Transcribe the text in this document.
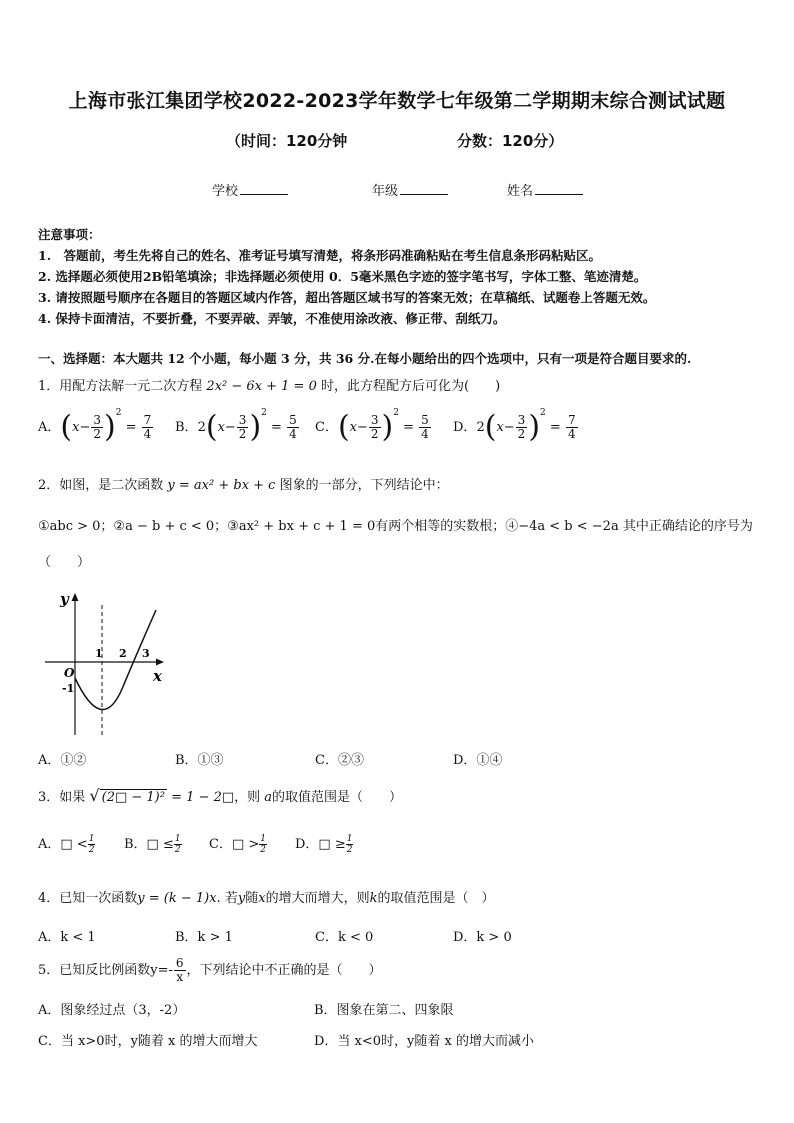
上海市张江集团学校2022-2023学年数学七年级第二学期期末综合测试试题
（时间：120分钟	分数：120分）
学校	年级	姓名
注意事项：
1.　答题前，考生先将自己的姓名、准考证号填写清楚，将条形码准确粘贴在考生信息条形码粘贴区。
2. 选择题必须使用2B铅笔填涂；非选择题必须使用 0．5毫米黑色字迹的签字笔书写，字体工整、笔迹清楚。
3. 请按照题号顺序在各题目的答题区域内作答，超出答题区域书写的答案无效；在草稿纸、试题卷上答题无效。
4. 保持卡面清洁，不要折叠，不要弄破、弄皱，不准使用涂改液、修正带、刮纸刀。
一、选择题：本大题共 12 个小题，每小题 3 分，共 36 分.在每小题给出的四个选项中，只有一项是符合题目要求的.
1．用配方法解一元二次方程 2x² − 6x + 1 = 0 时，此方程配方后可化为(　　)
A．$(x- \frac{3}{2} )^2 = \frac{7}{4}$ B．$2(x- \frac{3}{2} )^2 = \frac{5}{4}$ C．$(x- \frac{3}{2} )^2 = \frac{5}{4}$ D．$2(x- \frac{3}{2} )^2 = \frac{7}{4}$
2．如图，是二次函数 y = ax² + bx + c 图象的一部分，下列结论中：
①abc > 0；②a − b + c < 0；③ax² + bx + c + 1 = 0有两个相等的实数根；④−4a < b < −2a 其中正确结论的序号为
（　　）
y
x
O
-1
1 2 3
A．①②	B．①③	C．②③	D．①④
3．如果 √ (2□ − 1)² = 1 − 2□，则 a的取值范围是（　　）
A．□ < $\frac{1}{2}$ B．□ ≤ $\frac{1}{2}$ C．□ > $\frac{1}{2}$ D．□ ≥ $\frac{1}{2}$
4．已知一次函数y = (k − 1)x. 若y随x的增大而增大，则k的取值范围是（　）
A．k < 1	B．k > 1	C．k < 0	D．k > 0
5．已知反比例函数$y=- \frac{6}{x}$ ，下列结论中不正确的是（　　）
A．图象经过点（3，-2）	B．图象在第二、四象限
C．当 x>0时，y随着 x 的增大而增大	D．当 x<0时，y随着 x 的增大而减小
